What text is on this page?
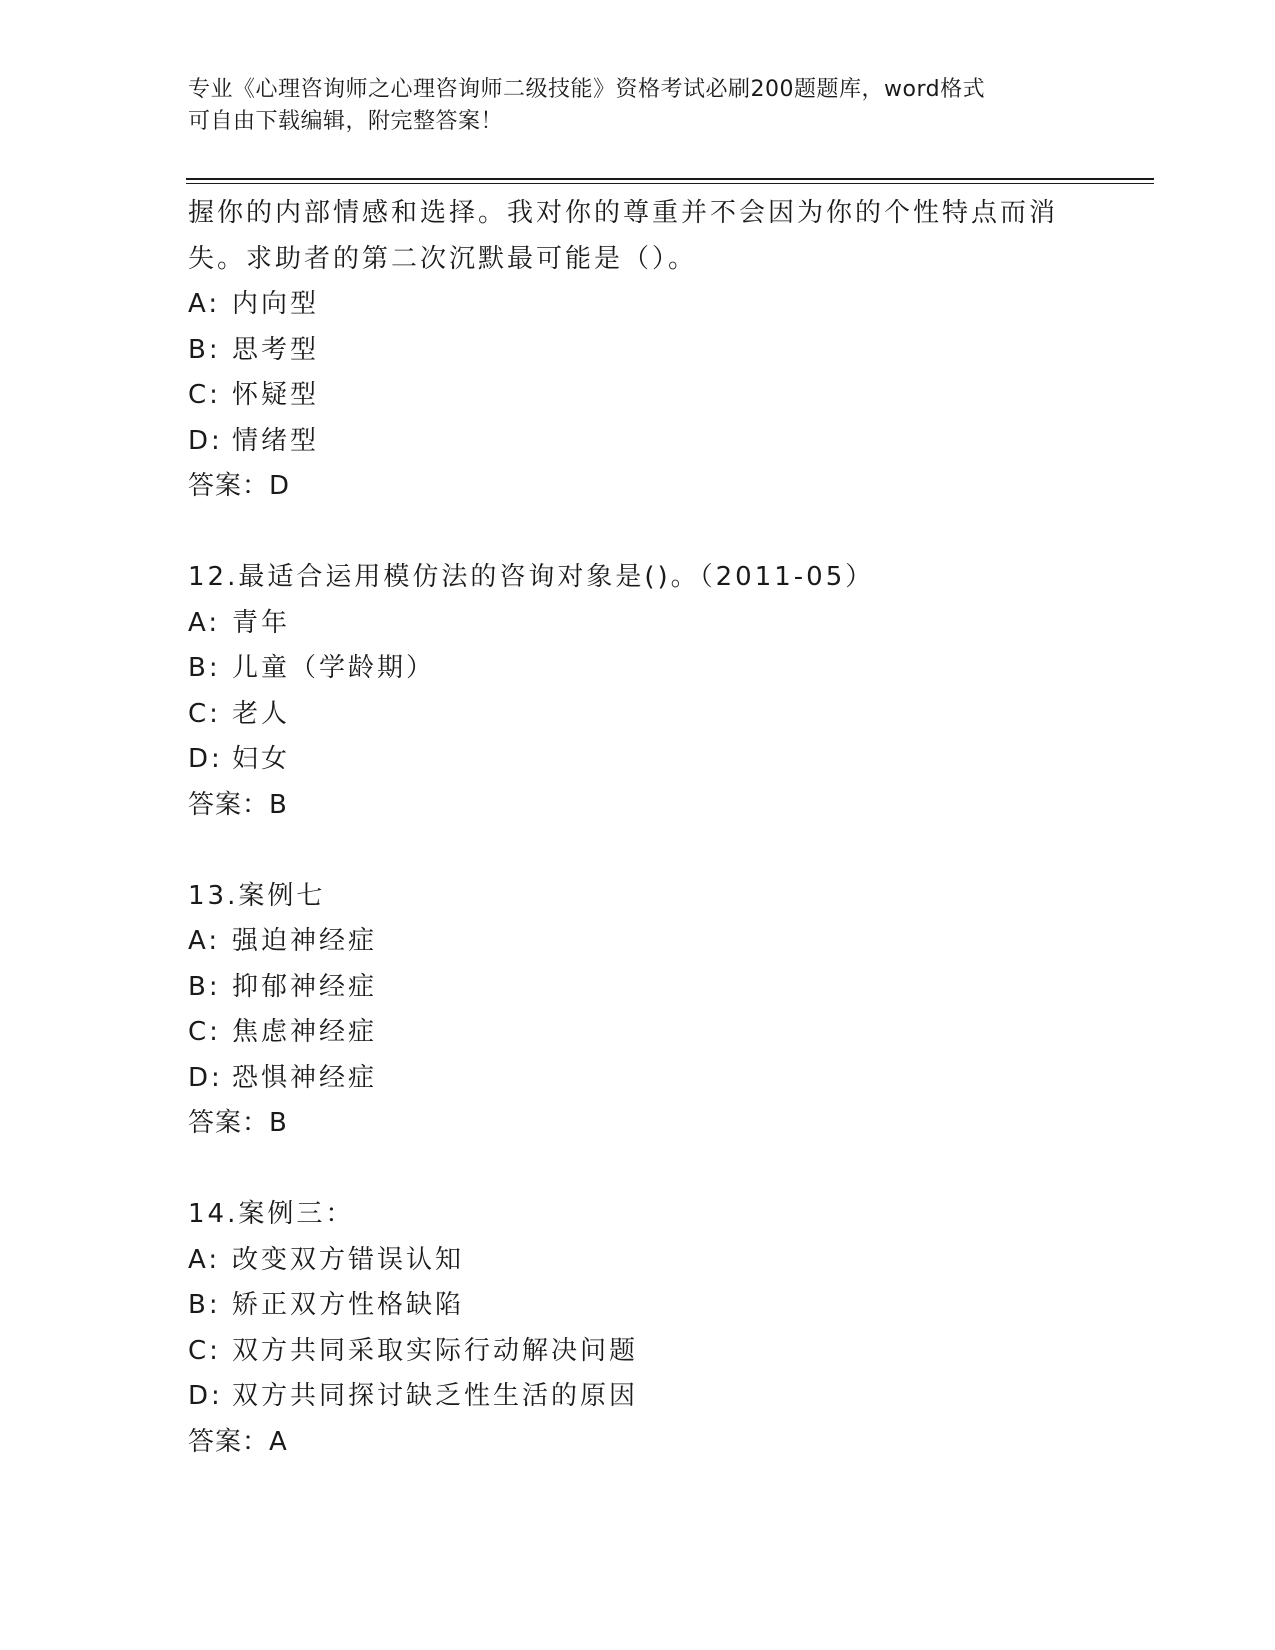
专业《心理咨询师之心理咨询师二级技能》资格考试必刷200题题库，word格式
可自由下载编辑，附完整答案！
握你的内部情感和选择。我对你的尊重并不会因为你的个性特点而消
失。求助者的第二次沉默最可能是（）。
A: 内向型
B: 思考型
C: 怀疑型
D: 情绪型
答案：D
12.最适合运用模仿法的咨询对象是()。（2011-05）
A: 青年
B: 儿童（学龄期）
C: 老人
D: 妇女
答案：B
13.案例七
A: 强迫神经症
B: 抑郁神经症
C: 焦虑神经症
D: 恐惧神经症
答案：B
14.案例三：
A: 改变双方错误认知
B: 矫正双方性格缺陷
C: 双方共同采取实际行动解决问题
D: 双方共同探讨缺乏性生活的原因
答案：A
